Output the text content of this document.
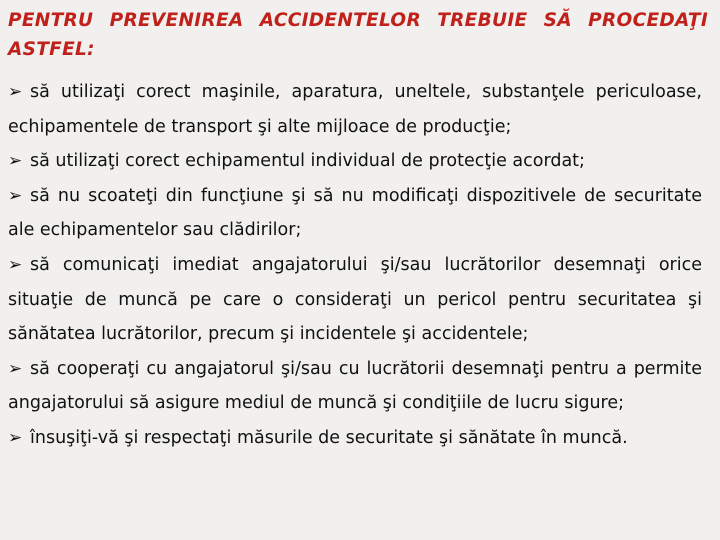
PENTRU PREVENIREA ACCIDENTELOR TREBUIE SĂ PROCEDAŢI ASTFEL:

➢ să utilizaţi corect maşinile, aparatura, uneltele, substanţele periculoase, echipamentele de transport şi alte mijloace de producţie;

➢ să utilizaţi corect echipamentul individual de protecţie acordat;

➢ să nu scoateţi din funcţiune şi să nu modificaţi dispozitivele de securitate ale echipamentelor sau clădirilor;

➢ să comunicaţi imediat angajatorului şi/sau lucrătorilor desemnaţi orice situaţie de muncă pe care o consideraţi un pericol pentru securitatea şi sănătatea lucrătorilor, precum şi incidentele şi accidentele;

➢ să cooperaţi cu angajatorul şi/sau cu lucrătorii desemnaţi pentru a permite angajatorului să asigure mediul de muncă şi condiţiile de lucru sigure;

➢ însuşiţi-vă şi respectaţi măsurile de securitate şi sănătate în muncă.
